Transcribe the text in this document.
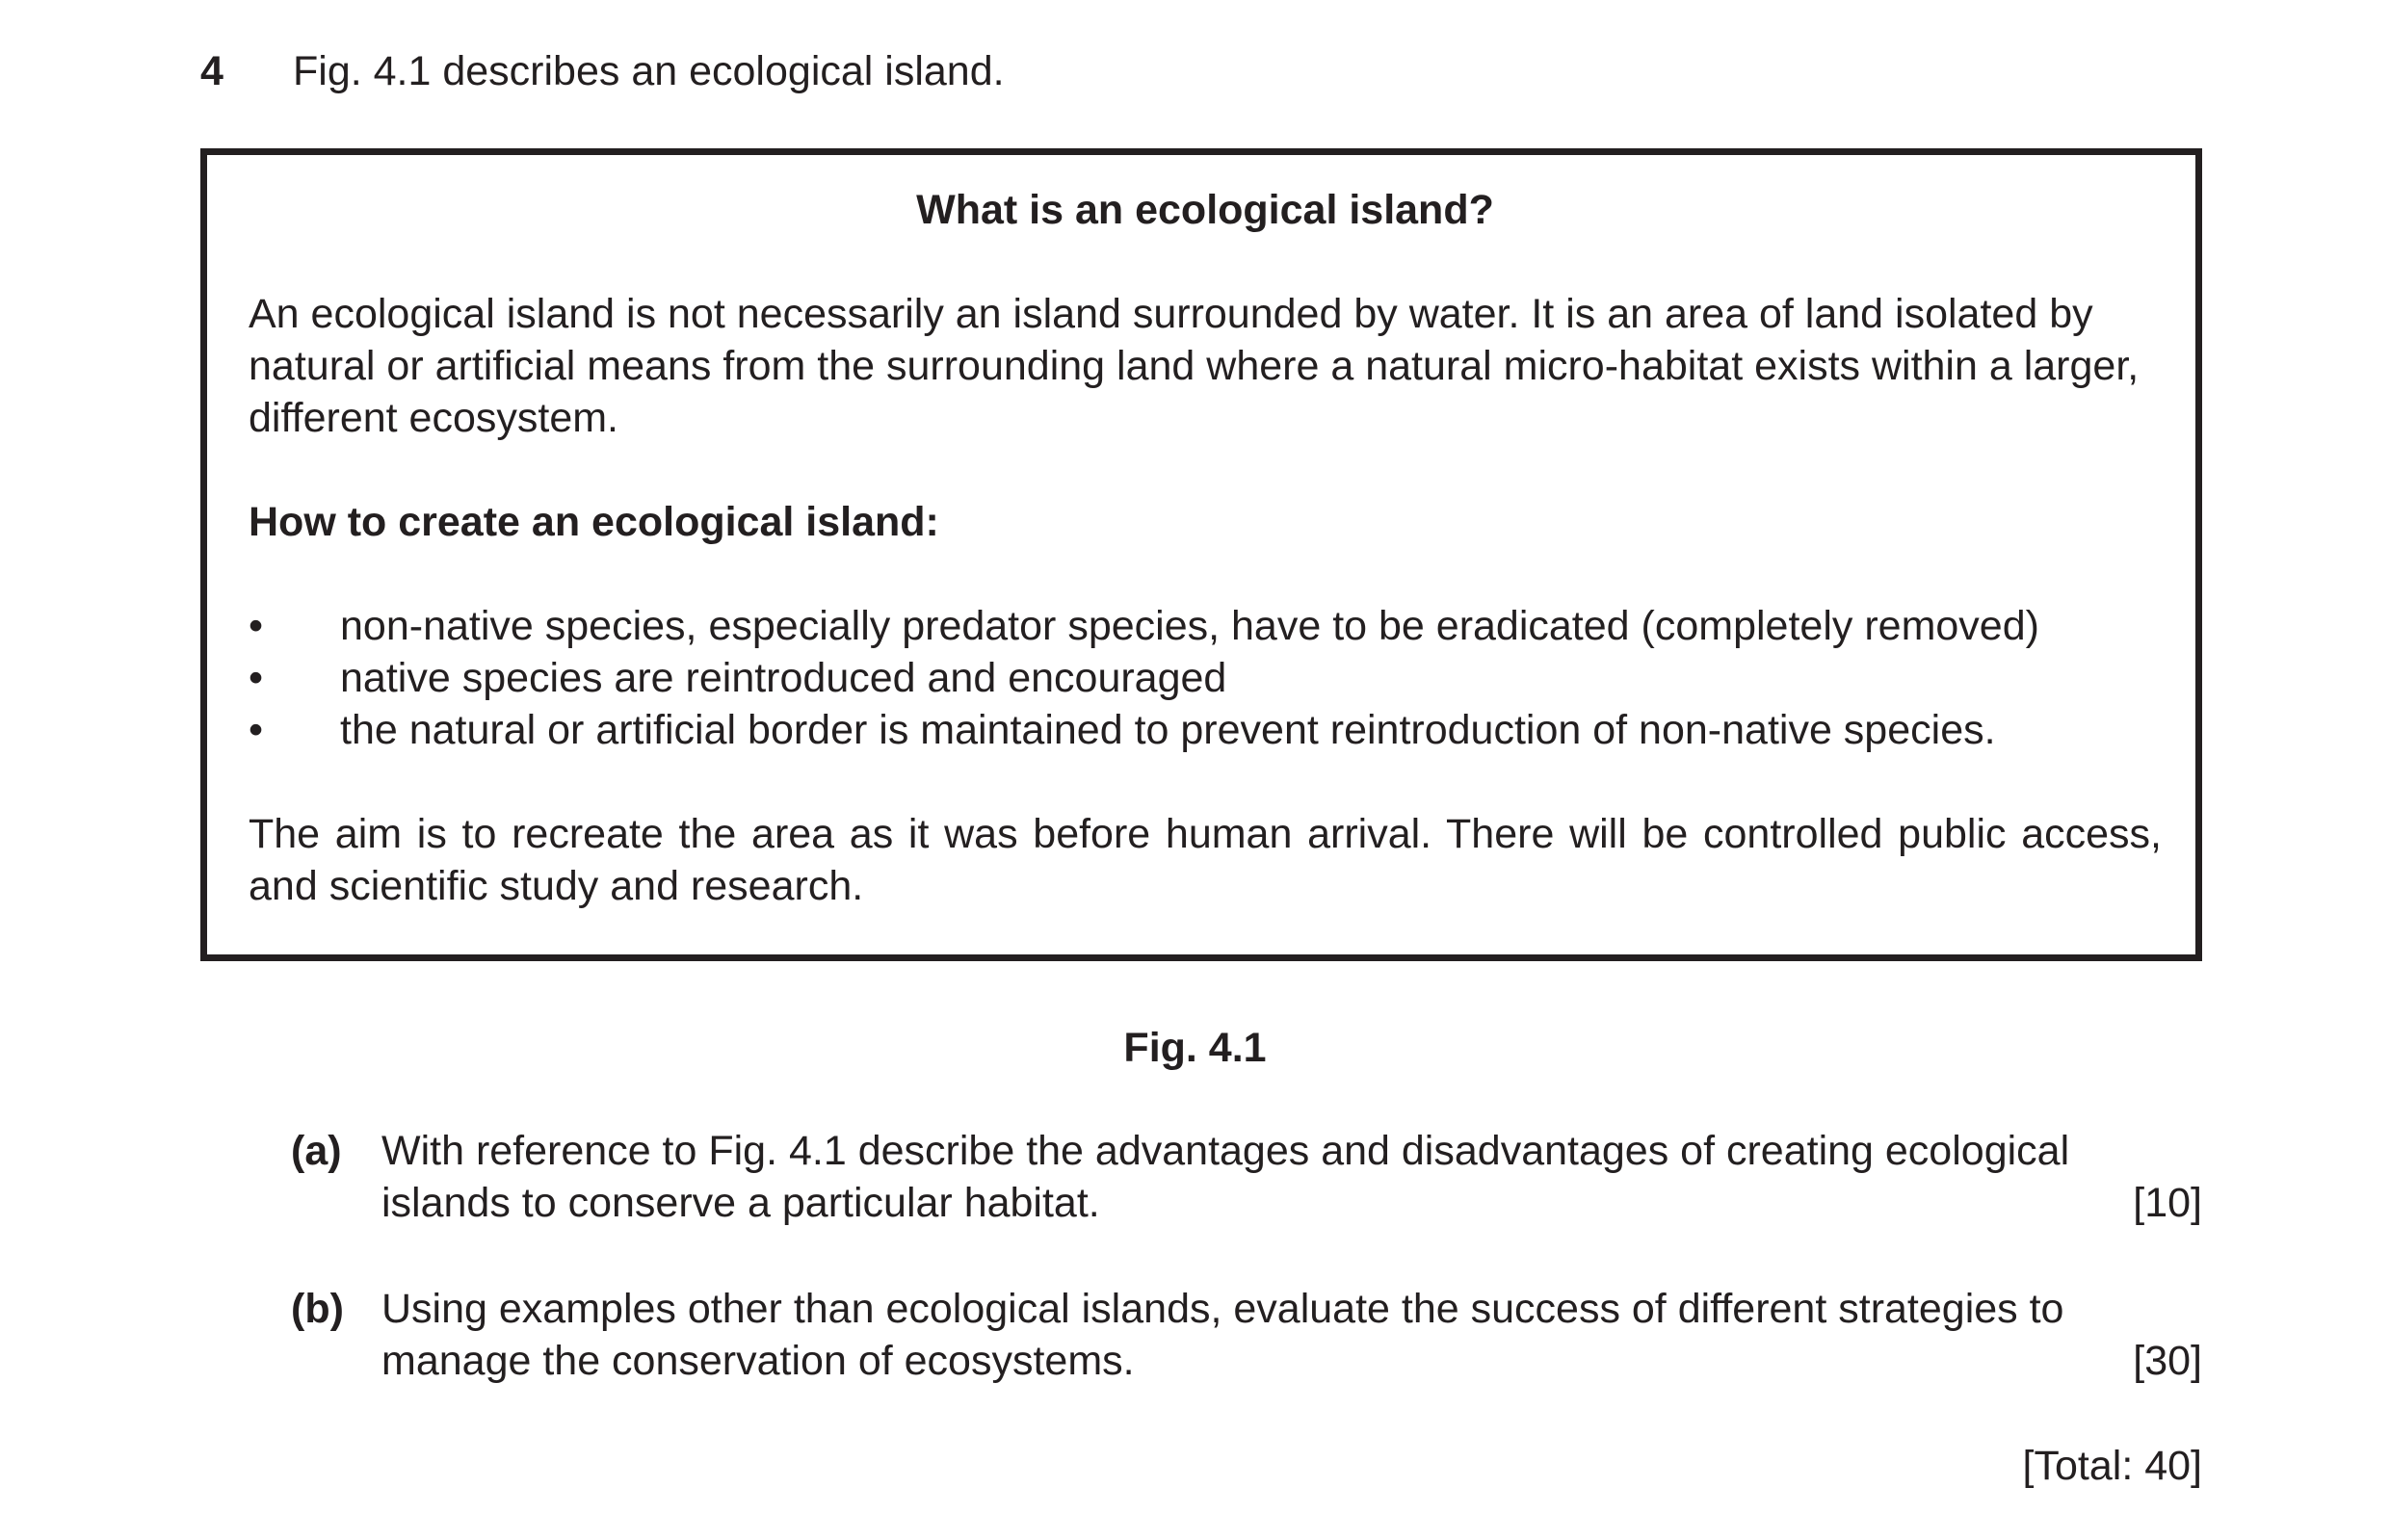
4 Fig. 4.1 describes an ecological island.

What is an ecological island?

An ecological island is not necessarily an island surrounded by water. It is an area of land isolated by natural or artificial means from the surrounding land where a natural micro-habitat exists within a larger, different ecosystem.

How to create an ecological island:

• non-native species, especially predator species, have to be eradicated (completely removed)
• native species are reintroduced and encouraged
• the natural or artificial border is maintained to prevent reintroduction of non-native species.

The aim is to recreate the area as it was before human arrival. There will be controlled public access, and scientific study and research.

Fig. 4.1
(a) With reference to Fig. 4.1 describe the advantages and disadvantages of creating ecological
islands to conserve a particular habitat.	[10]
(b) Using examples other than ecological islands, evaluate the success of different strategies to
manage the conservation of ecosystems.	[30]
[Total: 40]
